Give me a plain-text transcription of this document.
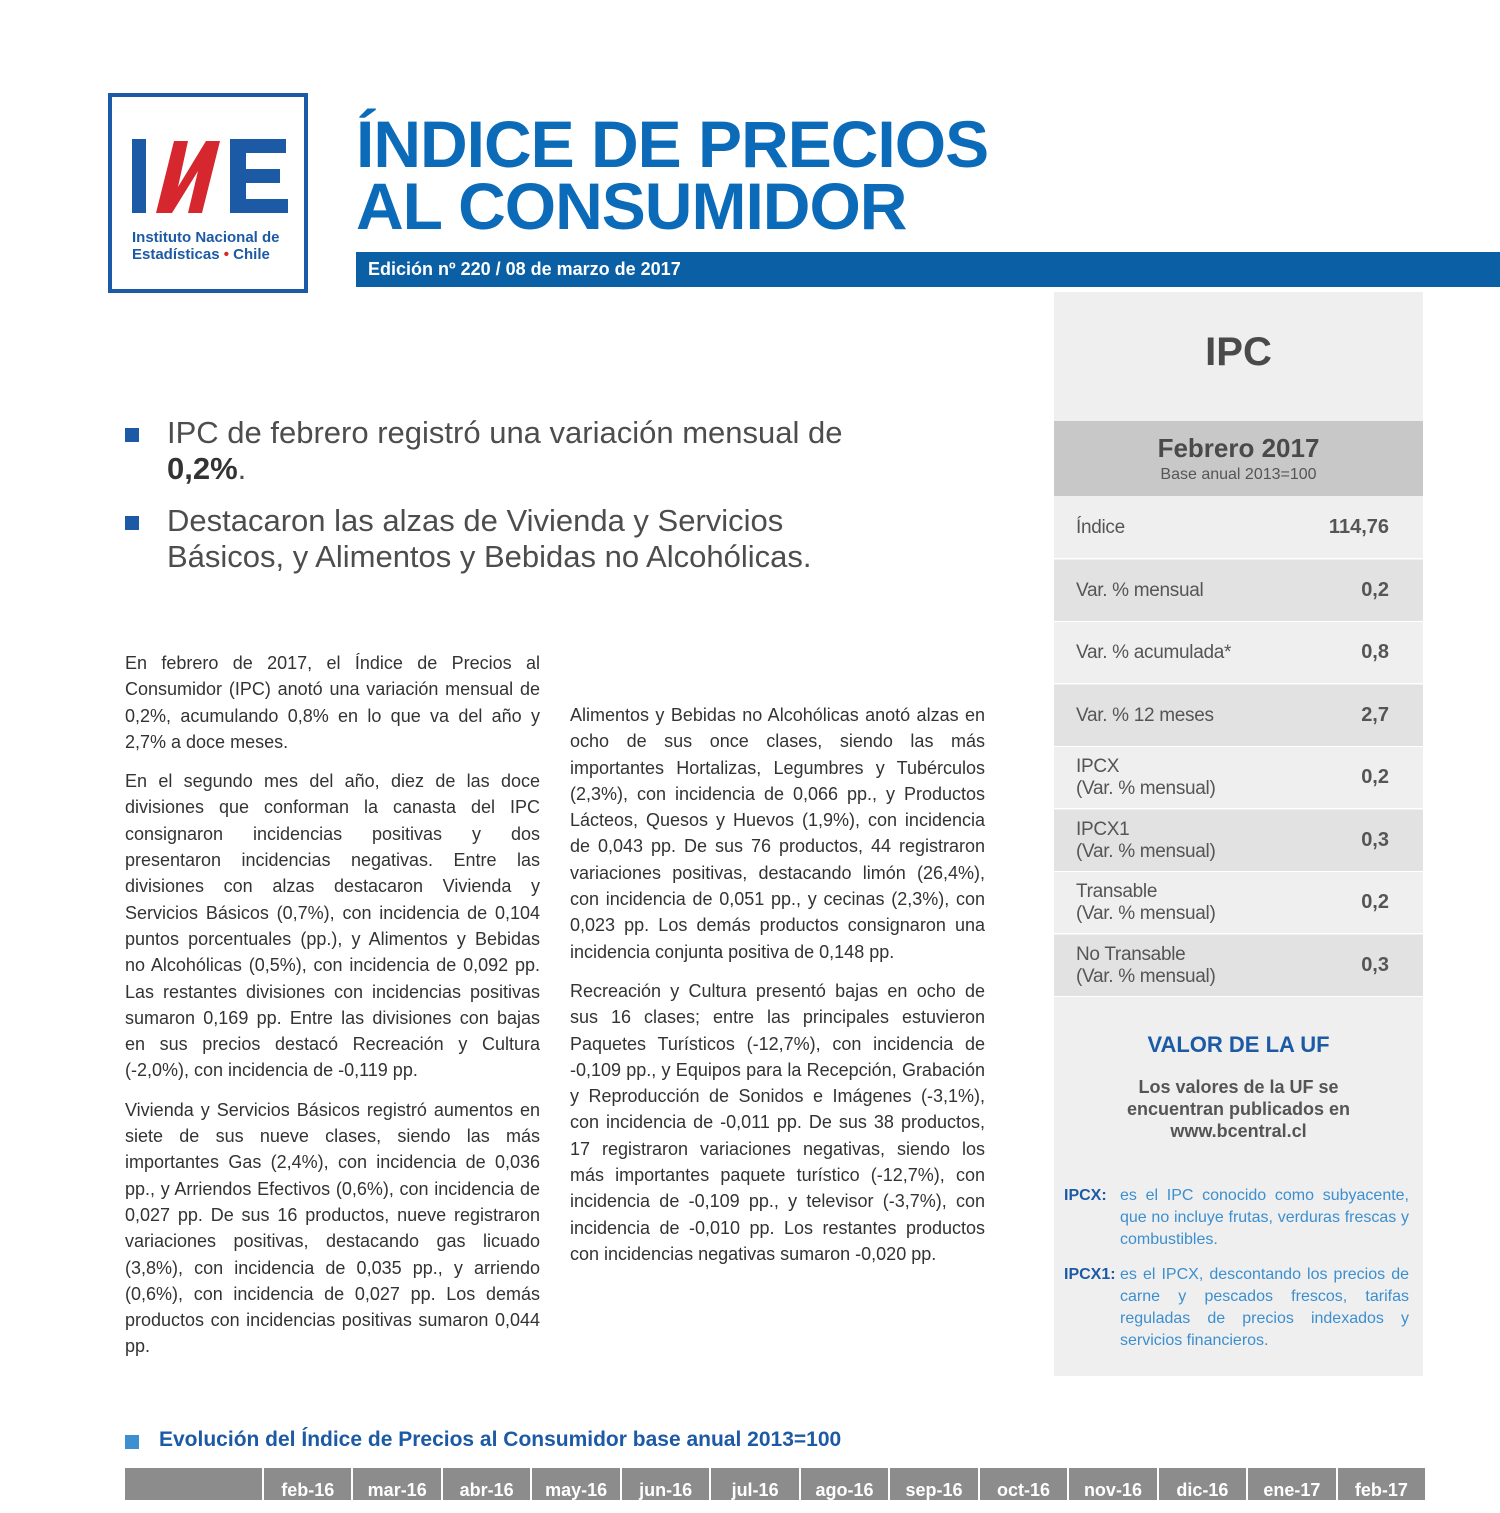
Instituto Nacional de
Estadísticas • Chile
ÍNDICE DE PRECIOS
AL CONSUMIDOR
Edición nº 220 / 08 de marzo de 2017
IPC de febrero registró una variación mensual de 0,2%.
Destacaron las alzas de Vivienda y Servicios Básicos, y Alimentos y Bebidas no Alcohólicas.

En febrero de 2017, el Índice de Precios al Consumidor (IPC) anotó una variación mensual de 0,2%, acumulando 0,8% en lo que va del año y 2,7% a doce meses.

En el segundo mes del año, diez de las doce divisiones que conforman la canasta del IPC consignaron incidencias positivas y dos presentaron incidencias negativas. Entre las divisiones con alzas destacaron Vivienda y Servicios Básicos (0,7%), con incidencia de 0,104 puntos porcentuales (pp.), y Alimentos y Bebidas no Alcohólicas (0,5%), con incidencia de 0,092 pp. Las restantes divisiones con incidencias positivas sumaron 0,169 pp. Entre las divisiones con bajas en sus precios destacó Recreación y Cultura (-2,0%), con incidencia de -0,119 pp.

Vivienda y Servicios Básicos registró aumentos en siete de sus nueve clases, siendo las más importantes Gas (2,4%), con incidencia de 0,036 pp., y Arriendos Efectivos (0,6%), con incidencia de 0,027 pp. De sus 16 productos, nueve registraron variaciones positivas, destacando gas licuado (3,8%), con incidencia de 0,035 pp., y arriendo (0,6%), con incidencia de 0,027 pp. Los demás productos con incidencias positivas sumaron 0,044 pp.

Alimentos y Bebidas no Alcohólicas anotó alzas en ocho de sus once clases, siendo las más importantes Hortalizas, Legumbres y Tubérculos (2,3%), con incidencia de 0,066 pp., y Productos Lácteos, Quesos y Huevos (1,9%), con incidencia de 0,043 pp. De sus 76 productos, 44 registraron variaciones positivas, destacando limón (26,4%), con incidencia de 0,051 pp., y cecinas (2,3%), con 0,023 pp. Los demás productos consignaron una incidencia conjunta positiva de 0,148 pp.

Recreación y Cultura presentó bajas en ocho de sus 16 clases; entre las principales estuvieron Paquetes Turísticos (-12,7%), con incidencia de -0,109 pp., y Equipos para la Recepción, Grabación y Reproducción de Sonidos e Imágenes (-3,1%), con incidencia de -0,011 pp. De sus 38 productos, 17 registraron variaciones negativas, siendo los más importantes paquete turístico (-12,7%), con incidencia de -0,109 pp., y televisor (-3,7%), con incidencia de -0,010 pp. Los restantes productos con incidencias negativas sumaron -0,020 pp.

IPC
Febrero 2017
Base anual 2013=100
Índice	114,76
Var. % mensual	0,2
Var. % acumulada*	0,8
Var. % 12 meses	2,7
IPCX
(Var. % mensual)	0,2
IPCX1
(Var. % mensual)	0,3
Transable
(Var. % mensual)	0,2
No Transable
(Var. % mensual)	0,3
VALOR DE LA UF
Los valores de la UF se
encuentran publicados en
www.bcentral.cl
IPCX: es el IPC conocido como subyacente, que no incluye frutas, verduras frescas y combustibles.
IPCX1: es el IPCX, descontando los precios de carne y pescados frescos, tarifas reguladas de precios indexados y servicios financieros.
Evolución del Índice de Precios al Consumidor base anual 2013=100
feb-16	mar-16	abr-16	may-16	jun-16	jul-16	ago-16	sep-16	oct-16	nov-16	dic-16	ene-17	feb-17
